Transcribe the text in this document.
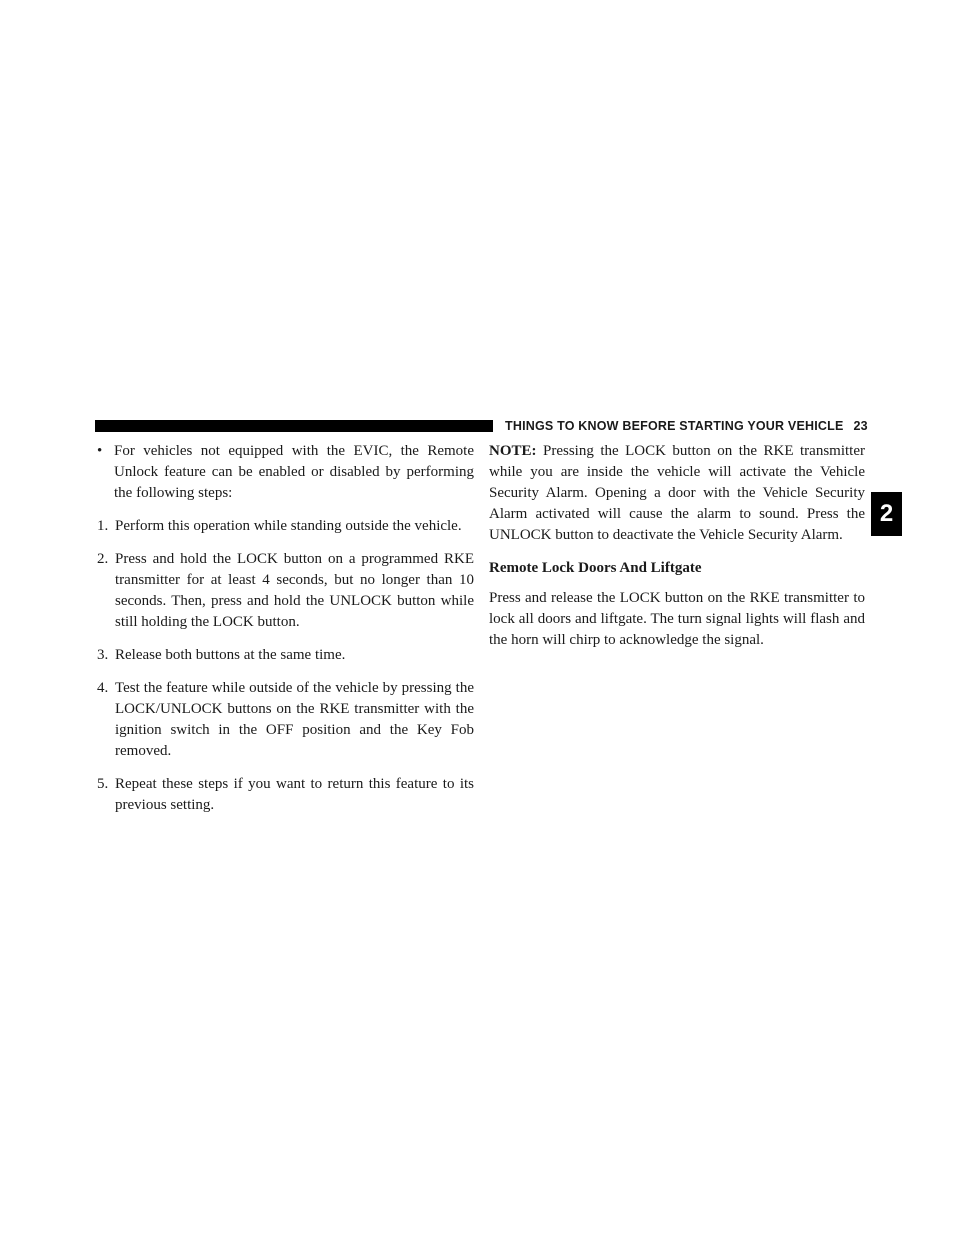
THINGS TO KNOW BEFORE STARTING YOUR VEHICLE 23
2
• For vehicles not equipped with the EVIC, the Remote Unlock feature can be enabled or disabled by performing the following steps:
1. Perform this operation while standing outside the vehicle.
2. Press and hold the LOCK button on a programmed RKE transmitter for at least 4 seconds, but no longer than 10 seconds. Then, press and hold the UNLOCK button while still holding the LOCK button.
3. Release both buttons at the same time.
4. Test the feature while outside of the vehicle by pressing the LOCK/UNLOCK buttons on the RKE transmitter with the ignition switch in the OFF position and the Key Fob removed.
5. Repeat these steps if you want to return this feature to its previous setting.

NOTE: Pressing the LOCK button on the RKE transmitter while you are inside the vehicle will activate the Vehicle Security Alarm. Opening a door with the Vehicle Security Alarm activated will cause the alarm to sound. Press the UNLOCK button to deactivate the Vehicle Security Alarm.

Remote Lock Doors And Liftgate

Press and release the LOCK button on the RKE transmitter to lock all doors and liftgate. The turn signal lights will flash and the horn will chirp to acknowledge the signal.
